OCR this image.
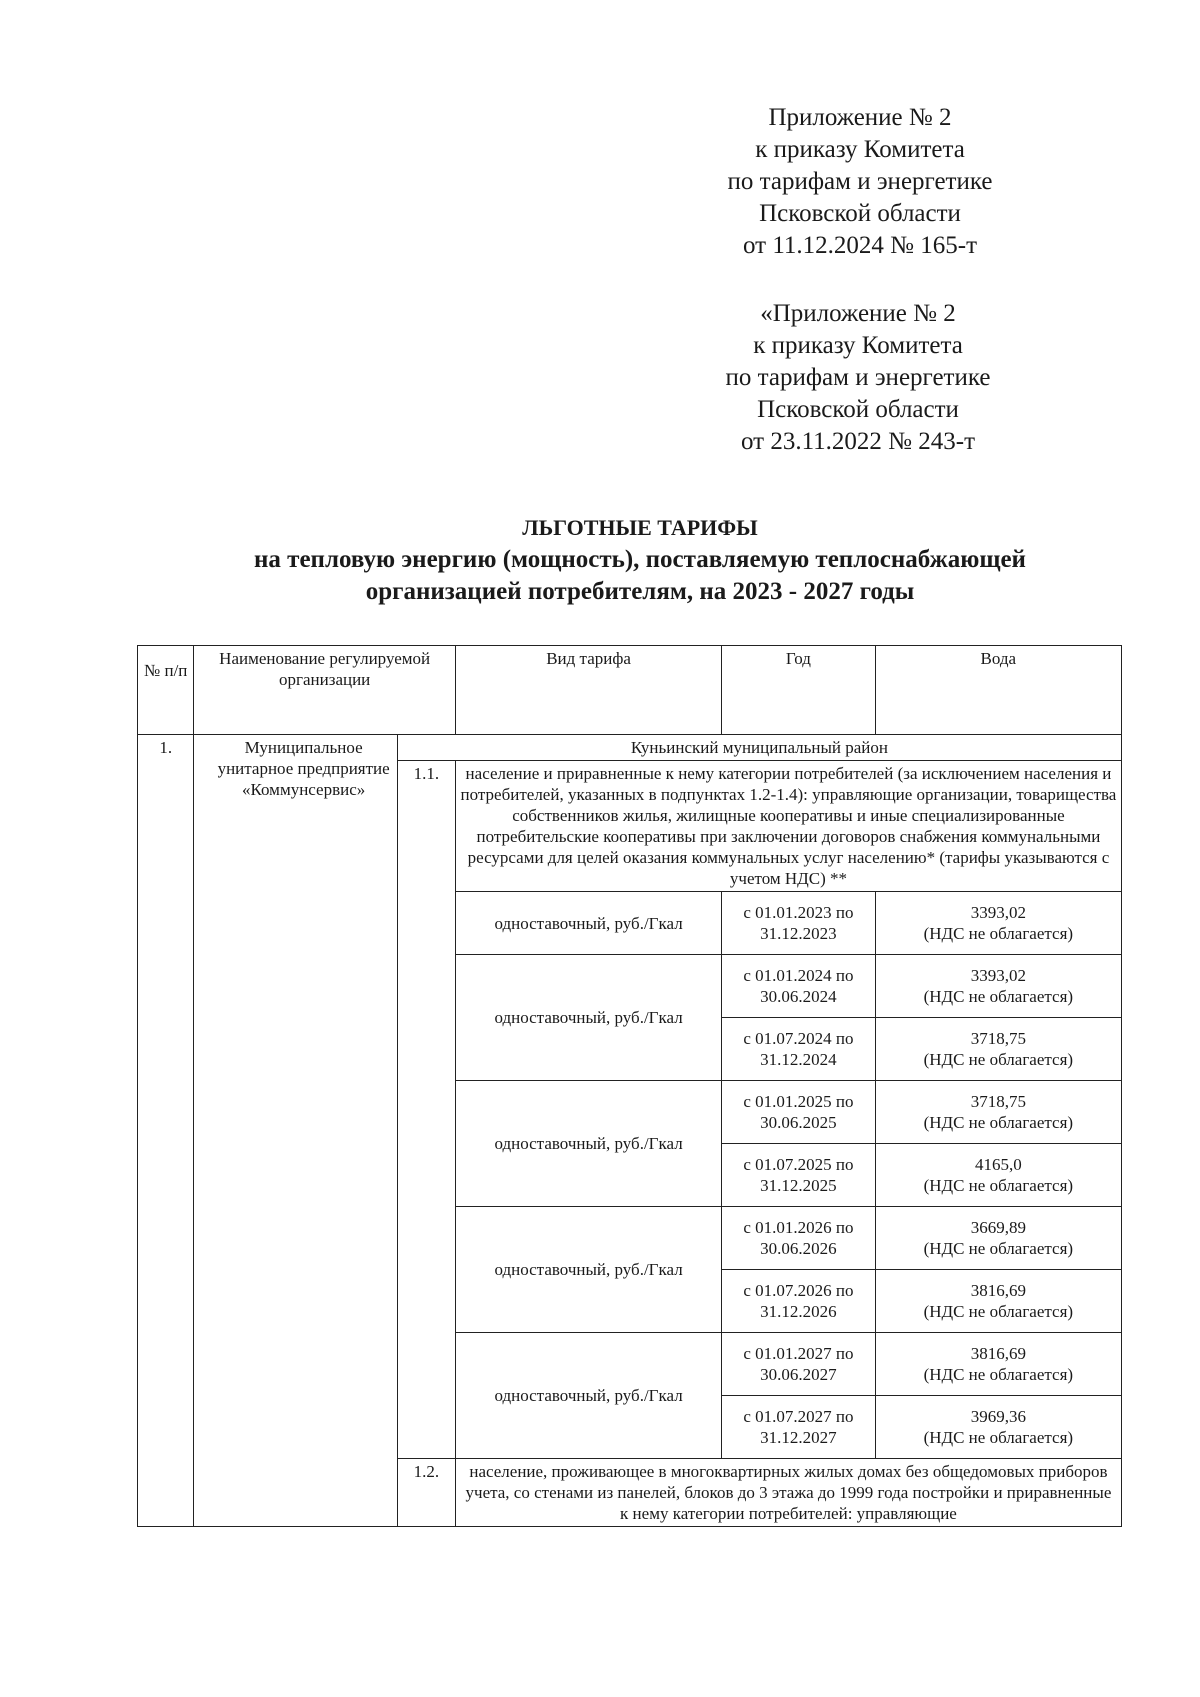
Приложение № 2
к приказу Комитета
по тарифам и энергетике
Псковской области
от 11.12.2024 № 165-т
«Приложение № 2
к приказу Комитета
по тарифам и энергетике
Псковской области
от 23.11.2022 № 243-т
ЛЬГОТНЫЕ ТАРИФЫ
на тепловую энергию (мощность), поставляемую теплоснабжающей
организацией потребителям, на 2023 - 2027 годы
№ п/п	Наименование регулируемой организации		Вид тарифа	Год	Вода
1.	Муниципальное унитарное предприятие «Коммунсервис»	Куньинский муниципальный район			
		1.1.	население и приравненные к нему категории потребителей (за исключением населения и потребителей, указанных в подпунктах 1.2-1.4): управляющие организации, товарищества собственников жилья, жилищные кооперативы и иные специализированные потребительские кооперативы при заключении договоров снабжения коммунальными ресурсами для целей оказания коммунальных услуг населению* (тарифы указываются с учетом НДС) **		
			одноставочный, руб./Гкал	с 01.01.2023 по 31.12.2023	3393,02
(НДС не облагается)
			одноставочный, руб./Гкал	с 01.01.2024 по 30.06.2024	3393,02
(НДС не облагается)
				с 01.07.2024 по 31.12.2024	3718,75
(НДС не облагается)
			одноставочный, руб./Гкал	с 01.01.2025 по 30.06.2025	3718,75
(НДС не облагается)
				с 01.07.2025 по 31.12.2025	4165,0
(НДС не облагается)
			одноставочный, руб./Гкал	с 01.01.2026 по 30.06.2026	3669,89
(НДС не облагается)
				с 01.07.2026 по 31.12.2026	3816,69
(НДС не облагается)
			одноставочный, руб./Гкал	с 01.01.2027 по 30.06.2027	3816,69
(НДС не облагается)
				с 01.07.2027 по 31.12.2027	3969,36
(НДС не облагается)
		1.2.	население, проживающее в многоквартирных жилых домах без общедомовых приборов учета, со стенами из панелей, блоков до 3 этажа до 1999 года постройки и приравненные к нему категории потребителей: управляющие		
